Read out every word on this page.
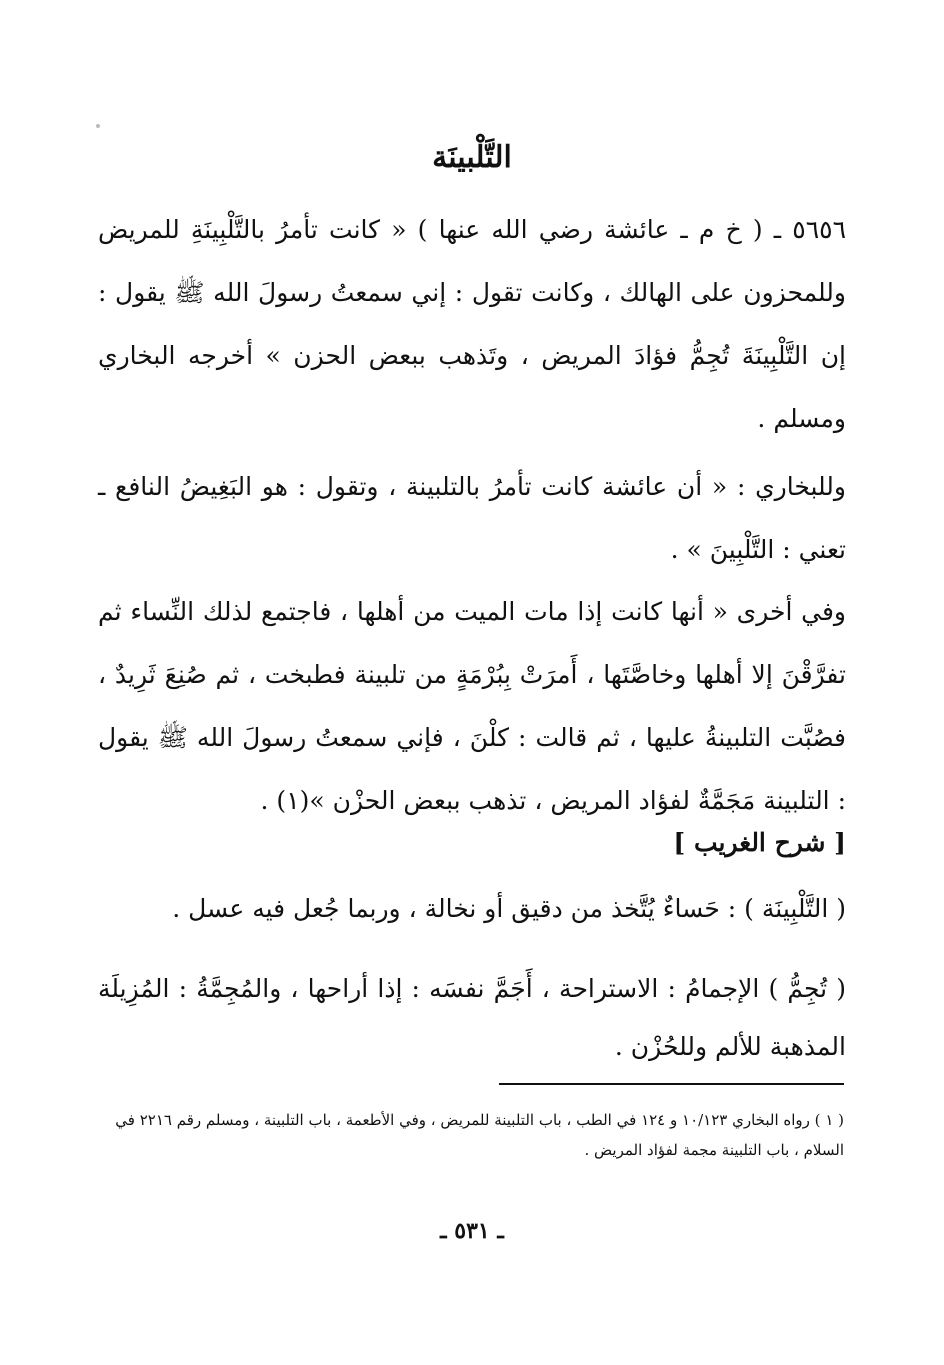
التَّلْبينَة
٥٦٥٦ ـ ( خ م ـ عائشة رضي الله عنها ) « كانت تأمرُ بالتَّلْبِينَةِ للمريض وللمحزون على الهالك ، وكانت تقول : إني سمعتُ رسولَ الله ﷺ يقول : إن التَّلْبِينَةَ تُجِمُّ فؤادَ المريض ، وتَذهب ببعض الحزن » أخرجه البخاري ومسلم .
وللبخاري : « أن عائشة كانت تأمرُ بالتلبينة ، وتقول : هو البَغِيضُ النافع ـ تعني : التَّلْبِينَ » .
وفي أخرى « أنها كانت إذا مات الميت من أهلها ، فاجتمع لذلك النِّساء ثم تفرَّقْنَ إلا أهلها وخاصَّتَها ، أَمرَتْ بِبُرْمَةٍ من تلبينة فطبخت ، ثم صُنِعَ ثَرِيدٌ ، فصُبَّت التلبينةُ عليها ، ثم قالت : كلْنَ ، فإني سمعتُ رسولَ الله ﷺ يقول : التلبينة مَجَمَّةٌ لفؤاد المريض ، تذهب ببعض الحزْن »(١) .
[ شرح الغريب ]
( التَّلْبِينَة ) : حَساءٌ يُتَّخذ من دقيق أو نخالة ، وربما جُعل فيه عسل .
( تُجِمُّ ) الإجمامُ : الاستراحة ، أَجَمَّ نفسَه : إذا أراحها ، والمُجِمَّةُ : المُزِيلَة المذهبة للألم وللحُزْن .
( ١ ) رواه البخاري ١٠/١٢٣ و ١٢٤ في الطب ، باب التلبينة للمريض ، وفي الأطعمة ، باب التلبينة ، ومسلم رقم ٢٢١٦ في السلام ، باب التلبينة مجمة لفؤاد المريض .
ـ ٥٣١ ـ
